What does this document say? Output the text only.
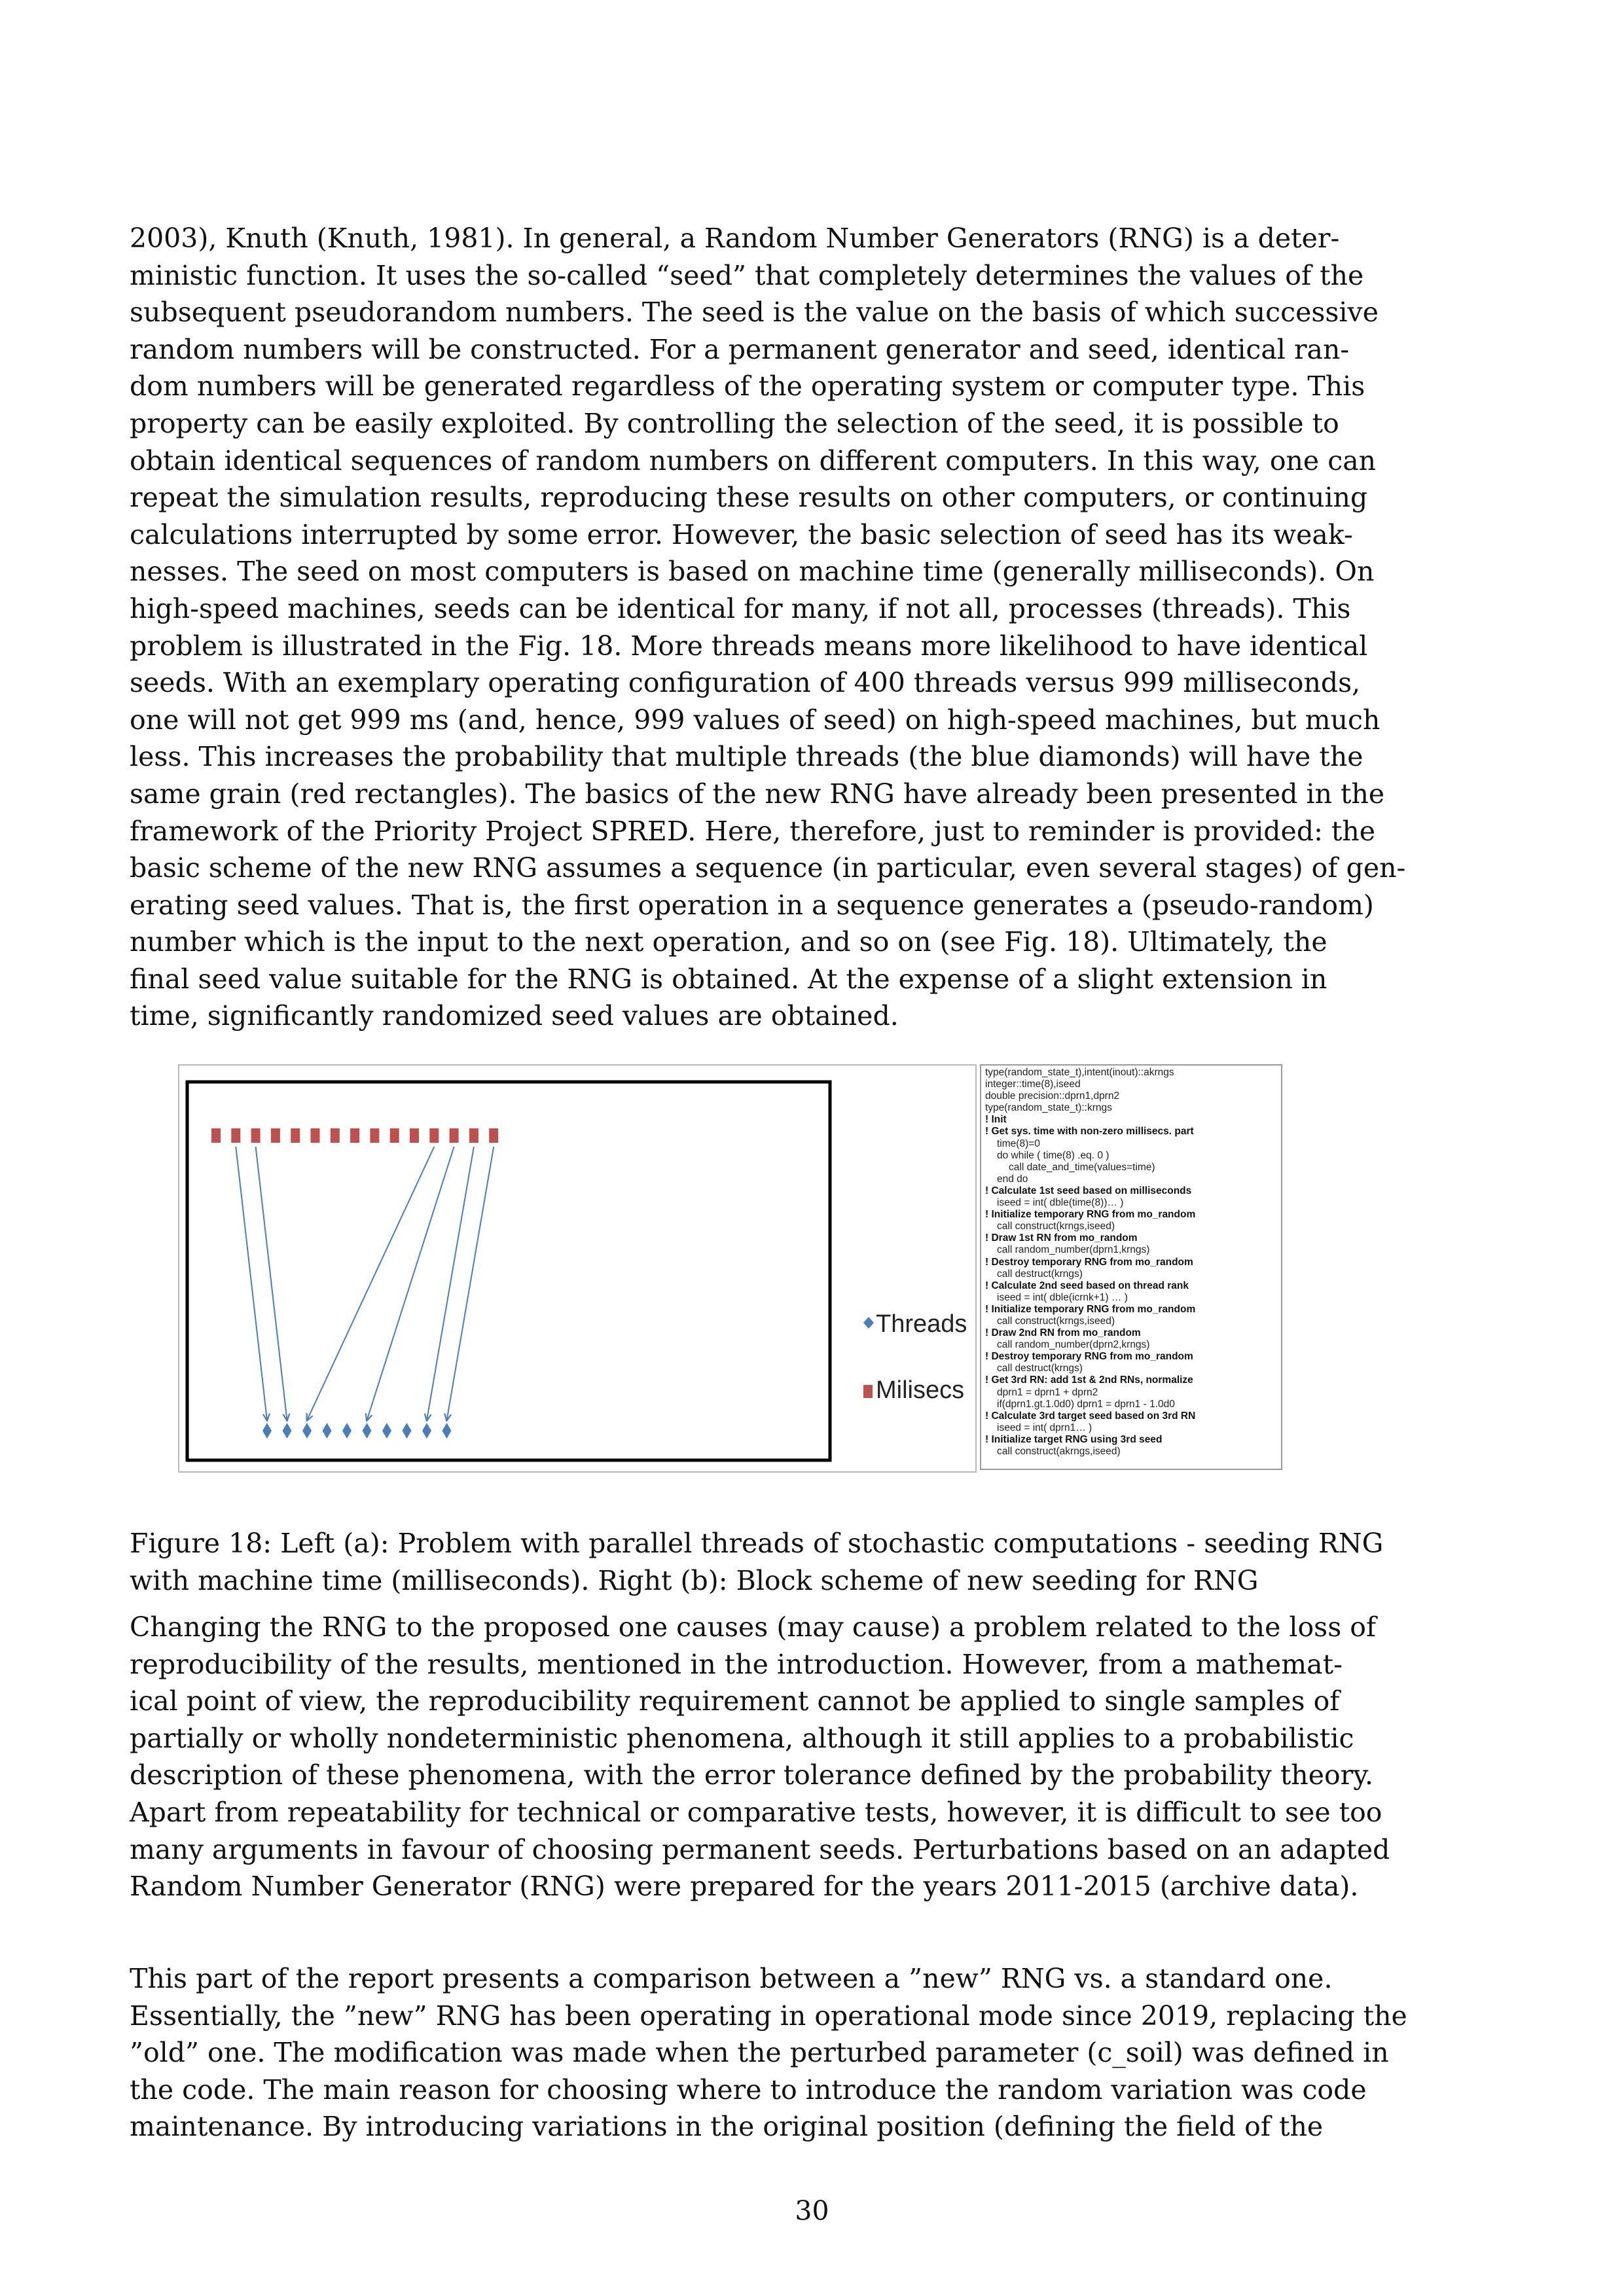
2003), Knuth (Knuth, 1981). In general, a Random Number Generators (RNG) is a deter-
ministic function. It uses the so-called “seed” that completely determines the values of the
subsequent pseudorandom numbers. The seed is the value on the basis of which successive
random numbers will be constructed. For a permanent generator and seed, identical ran-
dom numbers will be generated regardless of the operating system or computer type. This
property can be easily exploited. By controlling the selection of the seed, it is possible to
obtain identical sequences of random numbers on different computers. In this way, one can
repeat the simulation results, reproducing these results on other computers, or continuing
calculations interrupted by some error. However, the basic selection of seed has its weak-
nesses. The seed on most computers is based on machine time (generally milliseconds). On
high-speed machines, seeds can be identical for many, if not all, processes (threads). This
problem is illustrated in the Fig. 18. More threads means more likelihood to have identical
seeds. With an exemplary operating configuration of 400 threads versus 999 milliseconds,
one will not get 999 ms (and, hence, 999 values of seed) on high-speed machines, but much
less. This increases the probability that multiple threads (the blue diamonds) will have the
same grain (red rectangles). The basics of the new RNG have already been presented in the
framework of the Priority Project SPRED. Here, therefore, just to reminder is provided: the
basic scheme of the new RNG assumes a sequence (in particular, even several stages) of gen-
erating seed values. That is, the first operation in a sequence generates a (pseudo-random)
number which is the input to the next operation, and so on (see Fig. 18). Ultimately, the
final seed value suitable for the RNG is obtained. At the expense of a slight extension in
time, significantly randomized seed values are obtained.
Threads
Milisecs
type(random_state_t),intent(inout)::akrngs
integer::time(8),iseed
double precision::dprn1,dprn2
type(random_state_t)::krngs
! Init
! Get sys. time with non-zero millisecs. part
time(8)=0
do while ( time(8) .eq. 0 )
call date_and_time(values=time)
end do
! Calculate 1st seed based on milliseconds
iseed = int( dble(time(8))… )
! Initialize temporary RNG from mo_random
call construct(krngs,iseed)
! Draw 1st RN from mo_random
call random_number(dprn1,krngs)
! Destroy temporary RNG from mo_random
call destruct(krngs)
! Calculate 2nd seed based on thread rank
iseed = int( dble(icrnk+1) … )
! Initialize temporary RNG from mo_random
call construct(krngs,iseed)
! Draw 2nd RN from mo_random
call random_number(dprn2,krngs)
! Destroy temporary RNG from mo_random
call destruct(krngs)
! Get 3rd RN: add 1st & 2nd RNs, normalize
dprn1 = dprn1 + dprn2
if(dprn1.gt.1.0d0) dprn1 = dprn1 - 1.0d0
! Calculate 3rd target seed based on 3rd RN
iseed = int( dprn1… )
! Initialize target RNG using 3rd seed
call construct(akrngs,iseed)
Figure 18: Left (a): Problem with parallel threads of stochastic computations - seeding RNG
with machine time (milliseconds). Right (b): Block scheme of new seeding for RNG
Changing the RNG to the proposed one causes (may cause) a problem related to the loss of
reproducibility of the results, mentioned in the introduction. However, from a mathemat-
ical point of view, the reproducibility requirement cannot be applied to single samples of
partially or wholly nondeterministic phenomena, although it still applies to a probabilistic
description of these phenomena, with the error tolerance defined by the probability theory.
Apart from repeatability for technical or comparative tests, however, it is difficult to see too
many arguments in favour of choosing permanent seeds. Perturbations based on an adapted
Random Number Generator (RNG) were prepared for the years 2011-2015 (archive data).
This part of the report presents a comparison between a ”new” RNG vs. a standard one.
Essentially, the ”new” RNG has been operating in operational mode since 2019, replacing the
”old” one. The modification was made when the perturbed parameter (c_soil) was defined in
the code. The main reason for choosing where to introduce the random variation was code
maintenance. By introducing variations in the original position (defining the field of the
30
